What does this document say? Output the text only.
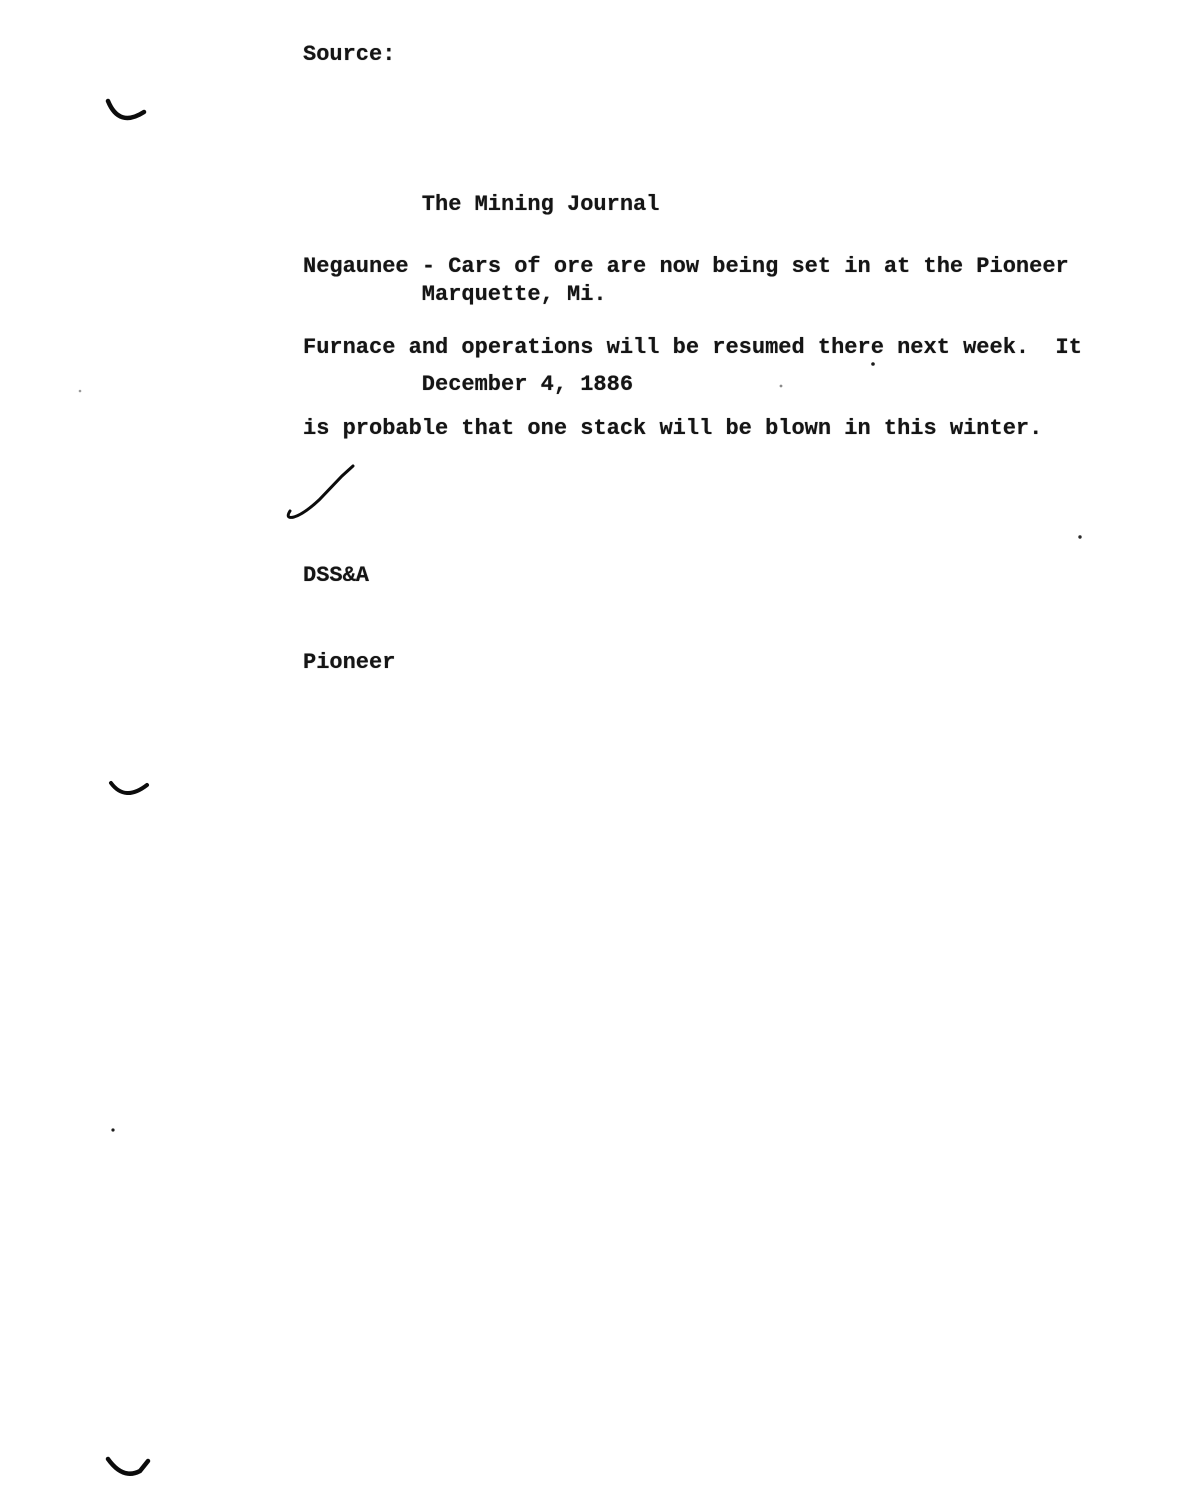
Source:

The Mining Journal

Marquette, Mi.

December 4, 1886

Negaunee - Cars of ore are now being set in at the Pioneer

Furnace and operations will be resumed there next week.  It

is probable that one stack will be blown in this winter.

DSS&A

Pioneer
